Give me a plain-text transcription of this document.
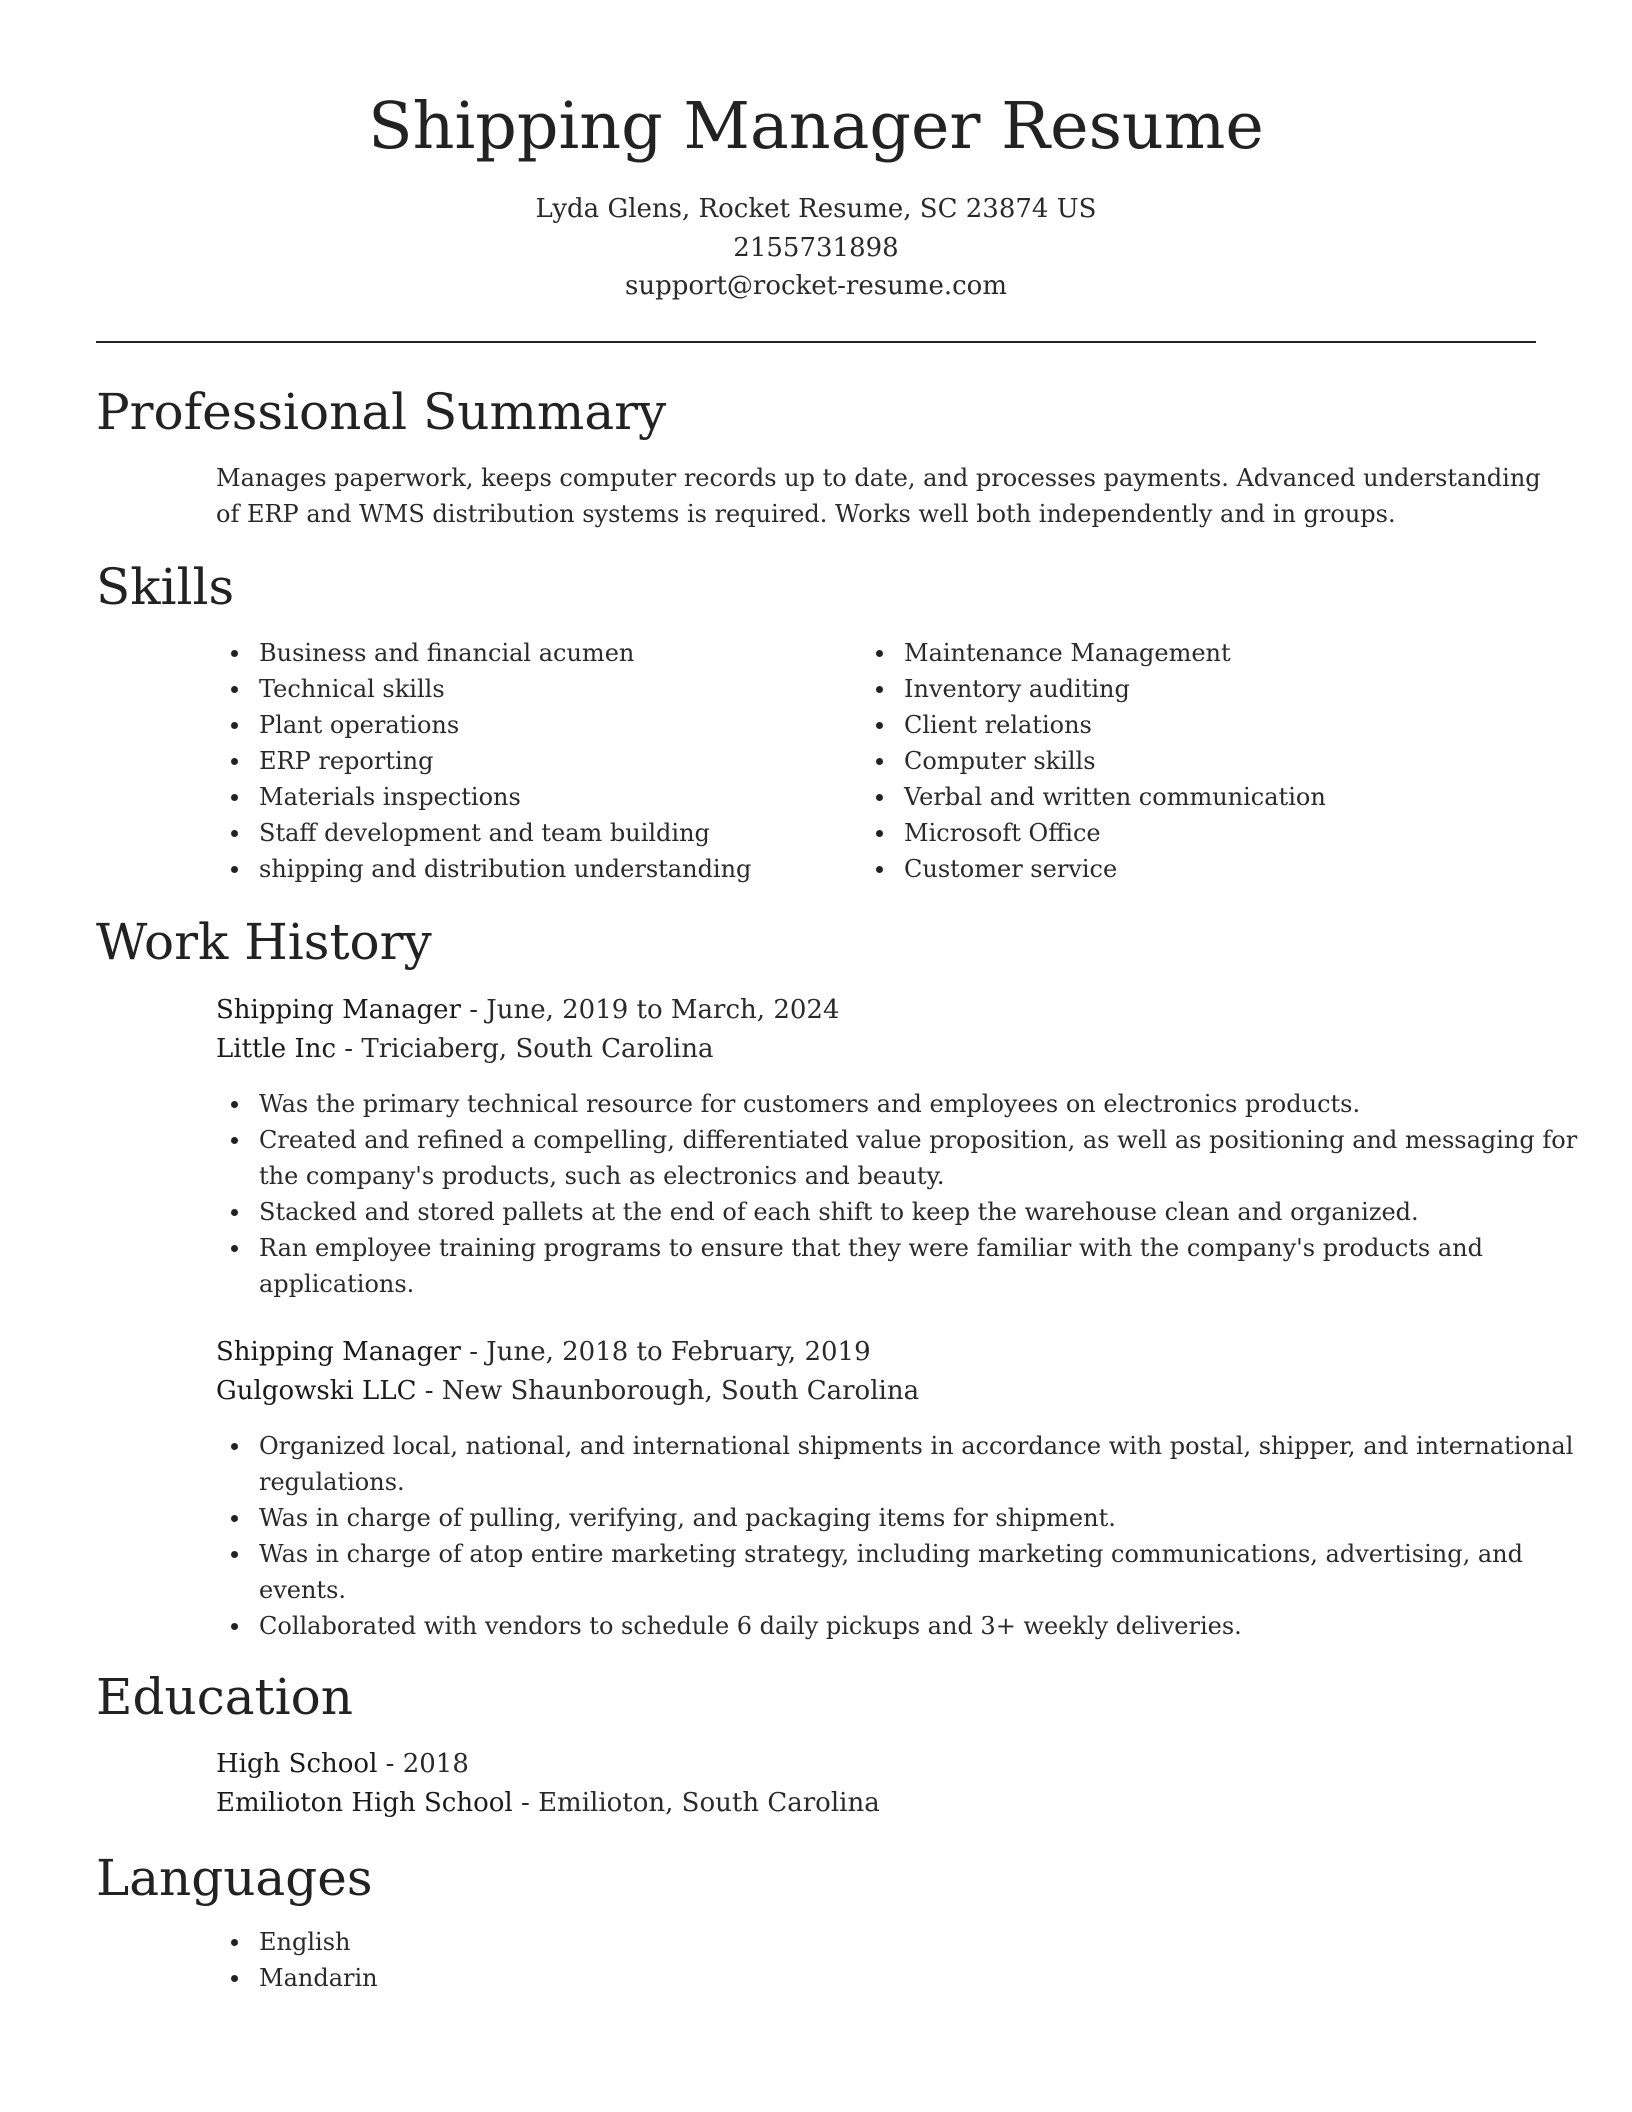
Shipping Manager Resume
Lyda Glens, Rocket Resume, SC 23874 US
2155731898
support@rocket-resume.com
Professional Summary

Manages paperwork, keeps computer records up to date, and processes payments. Advanced understanding of ERP and WMS distribution systems is required. Works well both independently and in groups.

Skills
Business and financial acumen
Technical skills
Plant operations
ERP reporting
Materials inspections
Staff development and team building
shipping and distribution understanding
Maintenance Management
Inventory auditing
Client relations
Computer skills
Verbal and written communication
Microsoft Office
Customer service
Work History
Shipping Manager - June, 2019 to March, 2024
Little Inc - Triciaberg, South Carolina
Was the primary technical resource for customers and employees on electronics products.
Created and refined a compelling, differentiated value proposition, as well as positioning and messaging for the company's products, such as electronics and beauty.
Stacked and stored pallets at the end of each shift to keep the warehouse clean and organized.
Ran employee training programs to ensure that they were familiar with the company's products and applications.
Shipping Manager - June, 2018 to February, 2019
Gulgowski LLC - New Shaunborough, South Carolina
Organized local, national, and international shipments in accordance with postal, shipper, and international regulations.
Was in charge of pulling, verifying, and packaging items for shipment.
Was in charge of atop entire marketing strategy, including marketing communications, advertising, and events.
Collaborated with vendors to schedule 6 daily pickups and 3+ weekly deliveries.
Education
High School - 2018
Emilioton High School - Emilioton, South Carolina
Languages
English
Mandarin
